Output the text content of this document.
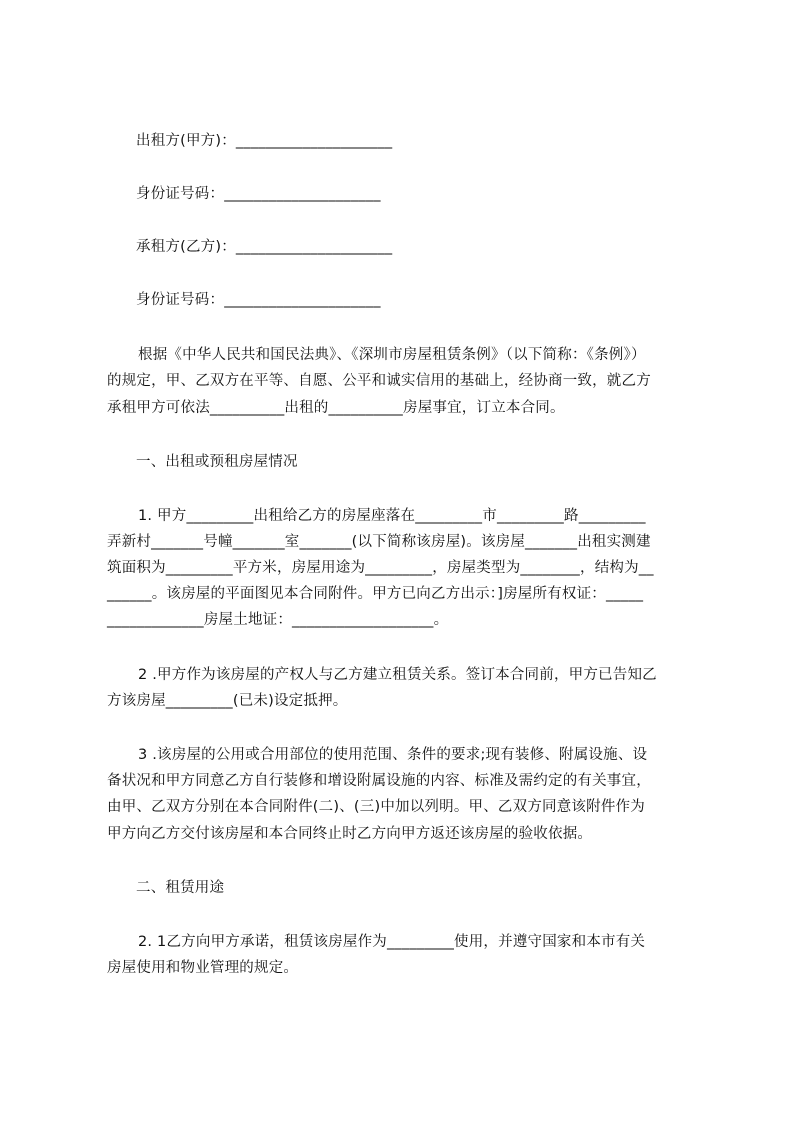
出租方(甲方)：_____________________
身份证号码：_____________________
承租方(乙方)：_____________________
身份证号码：_____________________
根据《中华人民共和国民法典》、《深圳市房屋租赁条例》（以下简称：《条例》）
的规定，甲、乙双方在平等、自愿、公平和诚实信用的基础上，经协商一致，就乙方
承租甲方可依法__________出租的__________房屋事宜，订立本合同。
一、出租或预租房屋情况
1. 甲方_________出租给乙方的房屋座落在_________市_________路_________
弄新村_______号幢_______室_______(以下简称该房屋)。该房屋_______出租实测建
筑面积为_________平方米，房屋用途为_________，房屋类型为________，结构为__
______。该房屋的平面图见本合同附件。甲方已向乙方出示：]房屋所有权证：_____
_____________房屋土地证：___________________。
2 .甲方作为该房屋的产权人与乙方建立租赁关系。签订本合同前，甲方已告知乙
方该房屋_________(已未)设定抵押。
3 .该房屋的公用或合用部位的使用范围、条件的要求;现有装修、附属设施、设
备状况和甲方同意乙方自行装修和增设附属设施的内容、标准及需约定的有关事宜，
由甲、乙双方分别在本合同附件(二)、(三)中加以列明。甲、乙双方同意该附件作为
甲方向乙方交付该房屋和本合同终止时乙方向甲方返还该房屋的验收依据。
二、租赁用途
2. 1乙方向甲方承诺，租赁该房屋作为_________使用，并遵守国家和本市有关
房屋使用和物业管理的规定。
